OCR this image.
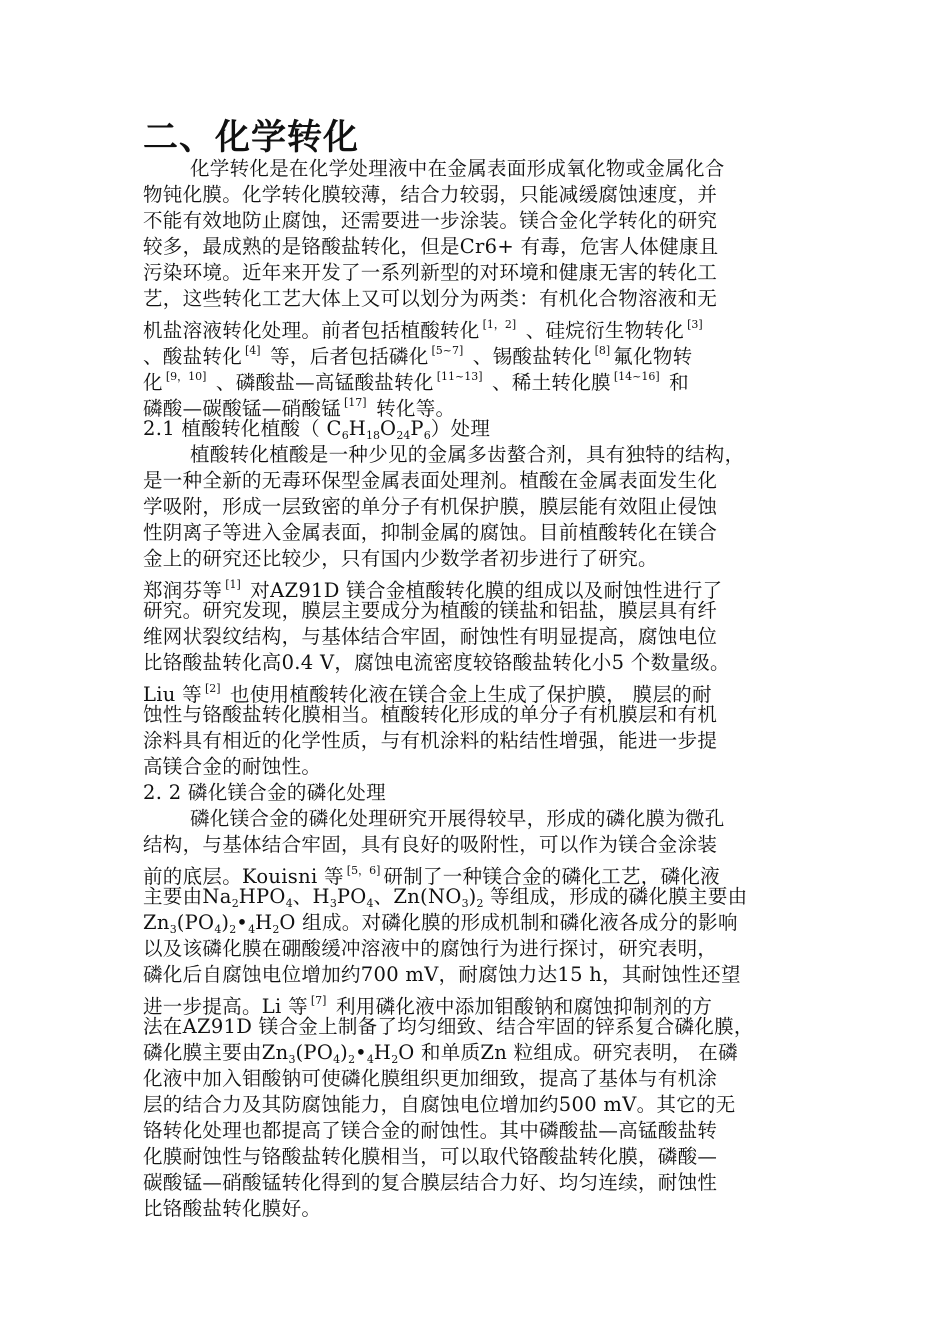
二、化学转化
化学转化是在化学处理液中在金属表面形成氧化物或金属化合
物钝化膜。化学转化膜较薄，结合力较弱，只能减缓腐蚀速度，并
不能有效地防止腐蚀，还需要进一步涂装。镁合金化学转化的研究
较多，最成熟的是铬酸盐转化，但是Cr6+ 有毒，危害人体健康且
污染环境。近年来开发了一系列新型的对环境和健康无害的转化工
艺，这些转化工艺大体上又可以划分为两类：有机化合物溶液和无
机盐溶液转化处理。前者包括植酸转化 [1，2] 、硅烷衍生物转化 [3]
、酸盐转化 [4] 等，后者包括磷化 [5~7] 、锡酸盐转化 [8] 氟化物转
化 [9，10] 、磷酸盐—高锰酸盐转化 [11~13] 、稀土转化膜 [14~16] 和
磷酸—碳酸锰—硝酸锰 [17] 转化等。
2.1 植酸转化植酸（ $C_6H_{18}O_{24}P_6$）处理
植酸转化植酸是一种少见的金属多齿螯合剂，具有独特的结构，
是一种全新的无毒环保型金属表面处理剂。植酸在金属表面发生化
学吸附，形成一层致密的单分子有机保护膜，膜层能有效阻止侵蚀
性阴离子等进入金属表面，抑制金属的腐蚀。目前植酸转化在镁合
金上的研究还比较少，只有国内少数学者初步进行了研究。
郑润芬等 [1] 对AZ91D 镁合金植酸转化膜的组成以及耐蚀性进行了
研究。研究发现，膜层主要成分为植酸的镁盐和铝盐，膜层具有纤
维网状裂纹结构，与基体结合牢固，耐蚀性有明显提高，腐蚀电位
比铬酸盐转化高0.4 V，腐蚀电流密度较铬酸盐转化小5 个数量级。
Liu 等 [2] 也使用植酸转化液在镁合金上生成了保护膜， 膜层的耐
蚀性与铬酸盐转化膜相当。植酸转化形成的单分子有机膜层和有机
涂料具有相近的化学性质，与有机涂料的粘结性增强，能进一步提
高镁合金的耐蚀性。
2. 2 磷化镁合金的磷化处理
磷化镁合金的磷化处理研究开展得较早，形成的磷化膜为微孔
结构，与基体结合牢固，具有良好的吸附性，可以作为镁合金涂装
前的底层。Kouisni 等 [5，6] 研制了一种镁合金的磷化工艺，磷化液
主要由$Na_2HPO_4$、$H_3PO_4$、$Zn(NO_3)_2$ 等组成，形成的磷化膜主要由
$Zn_3(PO_4)_2•_4H_2O$ 组成。对磷化膜的形成机制和磷化液各成分的影响
以及该磷化膜在硼酸缓冲溶液中的腐蚀行为进行探讨，研究表明，
磷化后自腐蚀电位增加约700 mV，耐腐蚀力达15 h，其耐蚀性还望
进一步提高。Li 等 [7] 利用磷化液中添加钼酸钠和腐蚀抑制剂的方
法在AZ91D 镁合金上制备了均匀细致、结合牢固的锌系复合磷化膜，
磷化膜主要由$Zn_3(PO_4)_2•_4H_2O$ 和单质Zn 粒组成。研究表明， 在磷
化液中加入钼酸钠可使磷化膜组织更加细致，提高了基体与有机涂
层的结合力及其防腐蚀能力，自腐蚀电位增加约500 mV。其它的无
铬转化处理也都提高了镁合金的耐蚀性。其中磷酸盐—高锰酸盐转
化膜耐蚀性与铬酸盐转化膜相当，可以取代铬酸盐转化膜，磷酸—
碳酸锰—硝酸锰转化得到的复合膜层结合力好、均匀连续，耐蚀性
比铬酸盐转化膜好。
